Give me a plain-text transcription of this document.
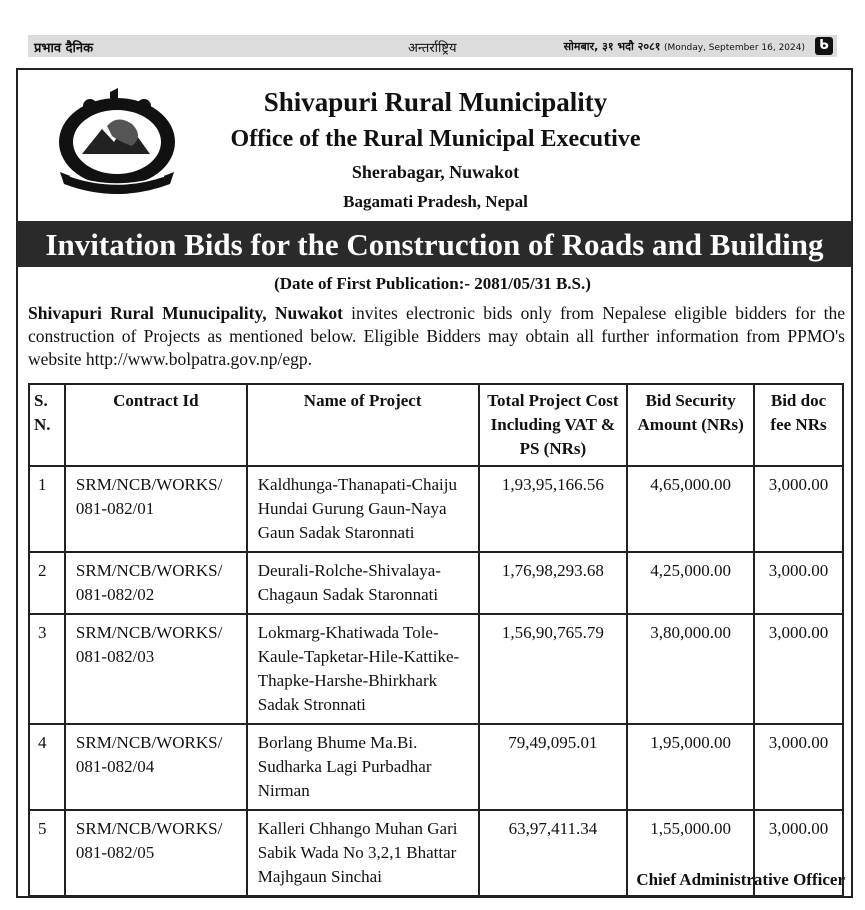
प्रभाव दैनिक	अन्तर्राष्ट्रिय	सोमबार, ३१ भदौ २०८१ (Monday, September 16, 2024)	ᑲ
Shivapuri Rural Municipality
Office of the Rural Municipal Executive
Sherabagar, Nuwakot
Bagamati Pradesh, Nepal
Invitation Bids for the Construction of Roads and Building
(Date of First Publication:- 2081/05/31 B.S.)
Shivapuri Rural Munucipality, Nuwakot invites electronic bids only from Nepalese eligible bidders for the construction of Projects as mentioned below. Eligible Bidders may obtain all further information from PPMO's website http://www.bolpatra.gov.np/egp.
S. N.	Contract Id	Name of Project	Total Project Cost Including VAT & PS (NRs)	Bid Security Amount (NRs)	Bid doc fee NRs
1	SRM/NCB/WORKS/ 081-082/01	Kaldhunga-Thanapati-Chaiju Hundai Gurung Gaun-Naya Gaun Sadak Staronnati	1,93,95,166.56	4,65,000.00	3,000.00
2	SRM/NCB/WORKS/ 081-082/02	Deurali-Rolche-Shivalaya-Chagaun Sadak Staronnati	1,76,98,293.68	4,25,000.00	3,000.00
3	SRM/NCB/WORKS/ 081-082/03	Lokmarg-Khatiwada Tole-Kaule-Tapketar-Hile-Kattike-Thapke-Harshe-Bhirkhark Sadak Stronnati	1,56,90,765.79	3,80,000.00	3,000.00
4	SRM/NCB/WORKS/ 081-082/04	Borlang Bhume Ma.Bi. Sudharka Lagi Purbadhar Nirman	79,49,095.01	1,95,000.00	3,000.00
5	SRM/NCB/WORKS/ 081-082/05	Kalleri Chhango Muhan Gari Sabik Wada No 3,2,1 Bhattar Majhgaun Sinchai	63,97,411.34	1,55,000.00	3,000.00
Chief Administrative Officer
